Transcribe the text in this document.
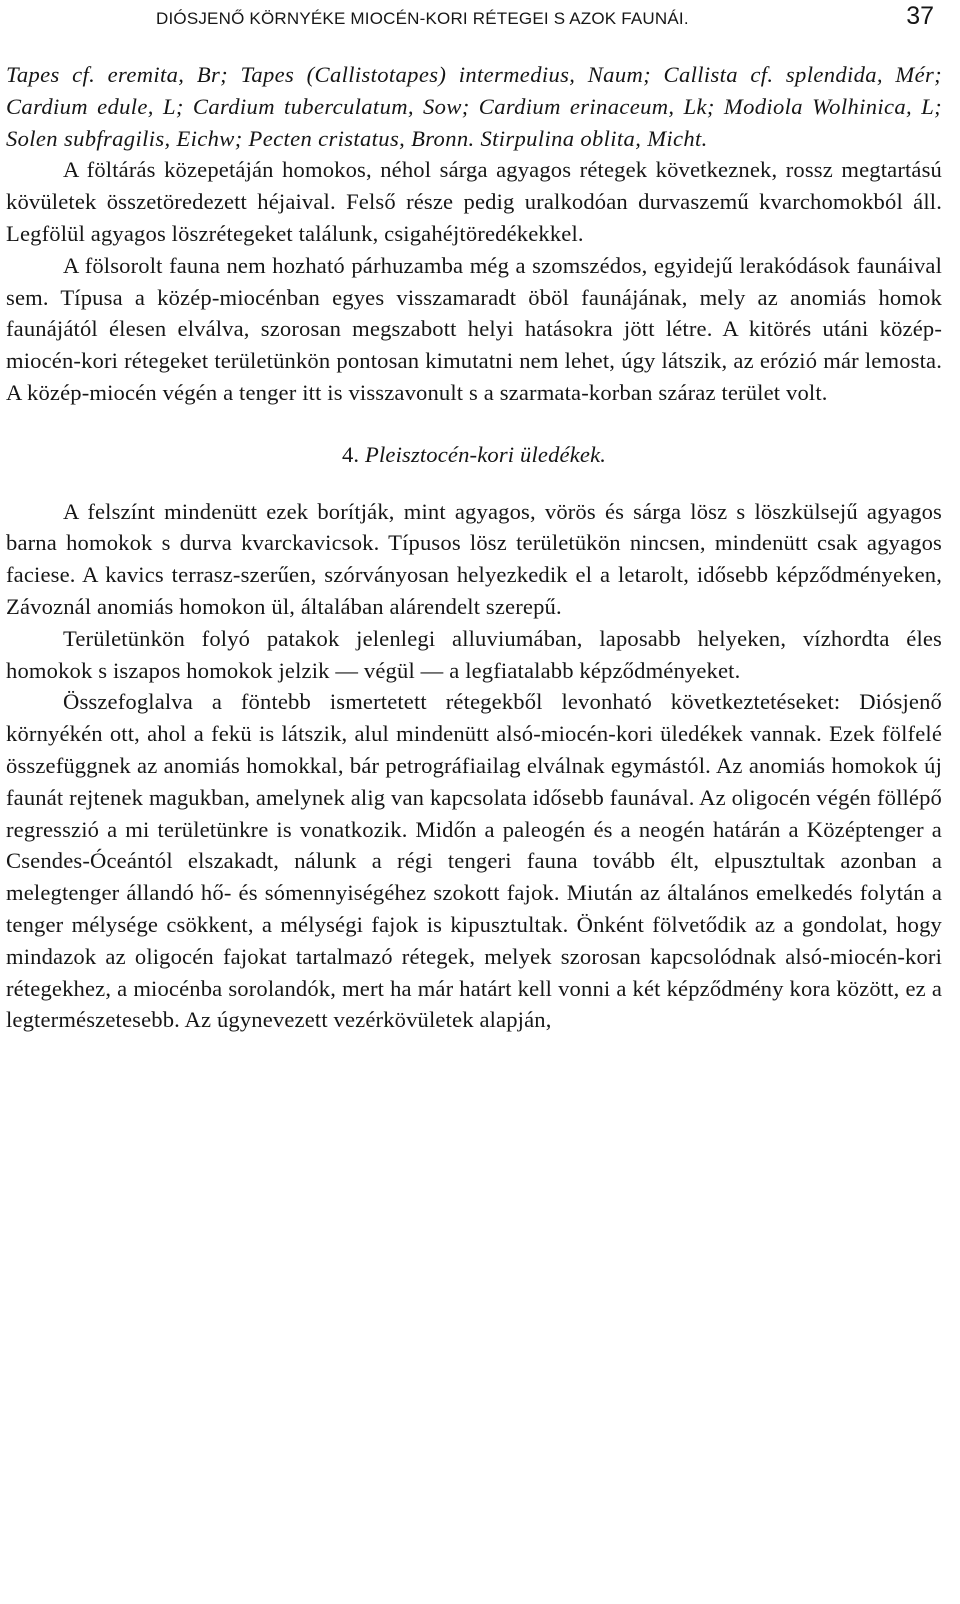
DIÓSJENŐ KÖRNYÉKE MIOCÉN-KORI RÉTEGEI S AZOK FAUNÁI.	37

Tapes cf. eremita, Br; Tapes (Callistotapes) intermedius, Naum; Callista cf. splendida, Mér; Cardium edule, L; Cardium tuberculatum, Sow; Cardium erinaceum, Lk; Modiola Wolhinica, L; Solen subfragilis, Eichw; Pecten cristatus, Bronn. Stirpulina oblita, Micht.

A föltárás közepetáján homokos, néhol sárga agyagos rétegek következnek, rossz megtartású kövületek összetöredezett héjaival. Felső része pedig uralkodóan durvaszemű kvarchomokból áll. Legfölül agyagos löszrétegeket találunk, csigahéjtöredékekkel.

A fölsorolt fauna nem hozható párhuzamba még a szomszédos, egyidejű lerakódások faunáival sem. Típusa a közép-miocénban egyes visszamaradt öböl faunájának, mely az anomiás homok faunájától élesen elválva, szorosan megszabott helyi hatásokra jött létre. A kitörés utáni közép-miocén-kori rétegeket területünkön pontosan kimutatni nem lehet, úgy látszik, az erózió már lemosta. A közép-miocén végén a tenger itt is visszavonult s a szarmata-korban száraz terület volt.

4. Pleisztocén-kori üledékek.

A felszínt mindenütt ezek borítják, mint agyagos, vörös és sárga lösz s löszkülsejű agyagos barna homokok s durva kvarckavicsok. Típusos lösz területükön nincsen, mindenütt csak agyagos faciese. A kavics terrasz-szerűen, szórványosan helyezkedik el a letarolt, idősebb képződményeken, Závoznál anomiás homokon ül, általában alárendelt szerepű.

Területünkön folyó patakok jelenlegi alluviumában, laposabb helyeken, vízhordta éles homokok s iszapos homokok jelzik — végül — a legfiatalabb képződményeket.

Összefoglalva a föntebb ismertetett rétegekből levonható következtetéseket: Diósjenő környékén ott, ahol a fekü is látszik, alul mindenütt alsó-miocén-kori üledékek vannak. Ezek fölfelé összefüggnek az anomiás homokkal, bár petrográfiailag elválnak egymástól. Az anomiás homokok új faunát rejtenek magukban, amelynek alig van kapcsolata idősebb faunával. Az oligocén végén föllépő regresszió a mi területünkre is vonatkozik. Midőn a paleogén és a neogén határán a Középtenger a Csendes-Óceántól elszakadt, nálunk a régi tengeri fauna tovább élt, elpusztultak azonban a melegtenger állandó hő- és sómennyiségéhez szokott fajok. Miután az általános emelkedés folytán a tenger mélysége csökkent, a mélységi fajok is kipusztultak. Önként fölvetődik az a gondolat, hogy mindazok az oligocén fajokat tartalmazó rétegek, melyek szorosan kapcsolódnak alsó-miocén-kori rétegekhez, a miocénba sorolandók, mert ha már határt kell vonni a két képződmény kora között, ez a legtermészetesebb. Az úgynevezett vezérkövületek alapján,
